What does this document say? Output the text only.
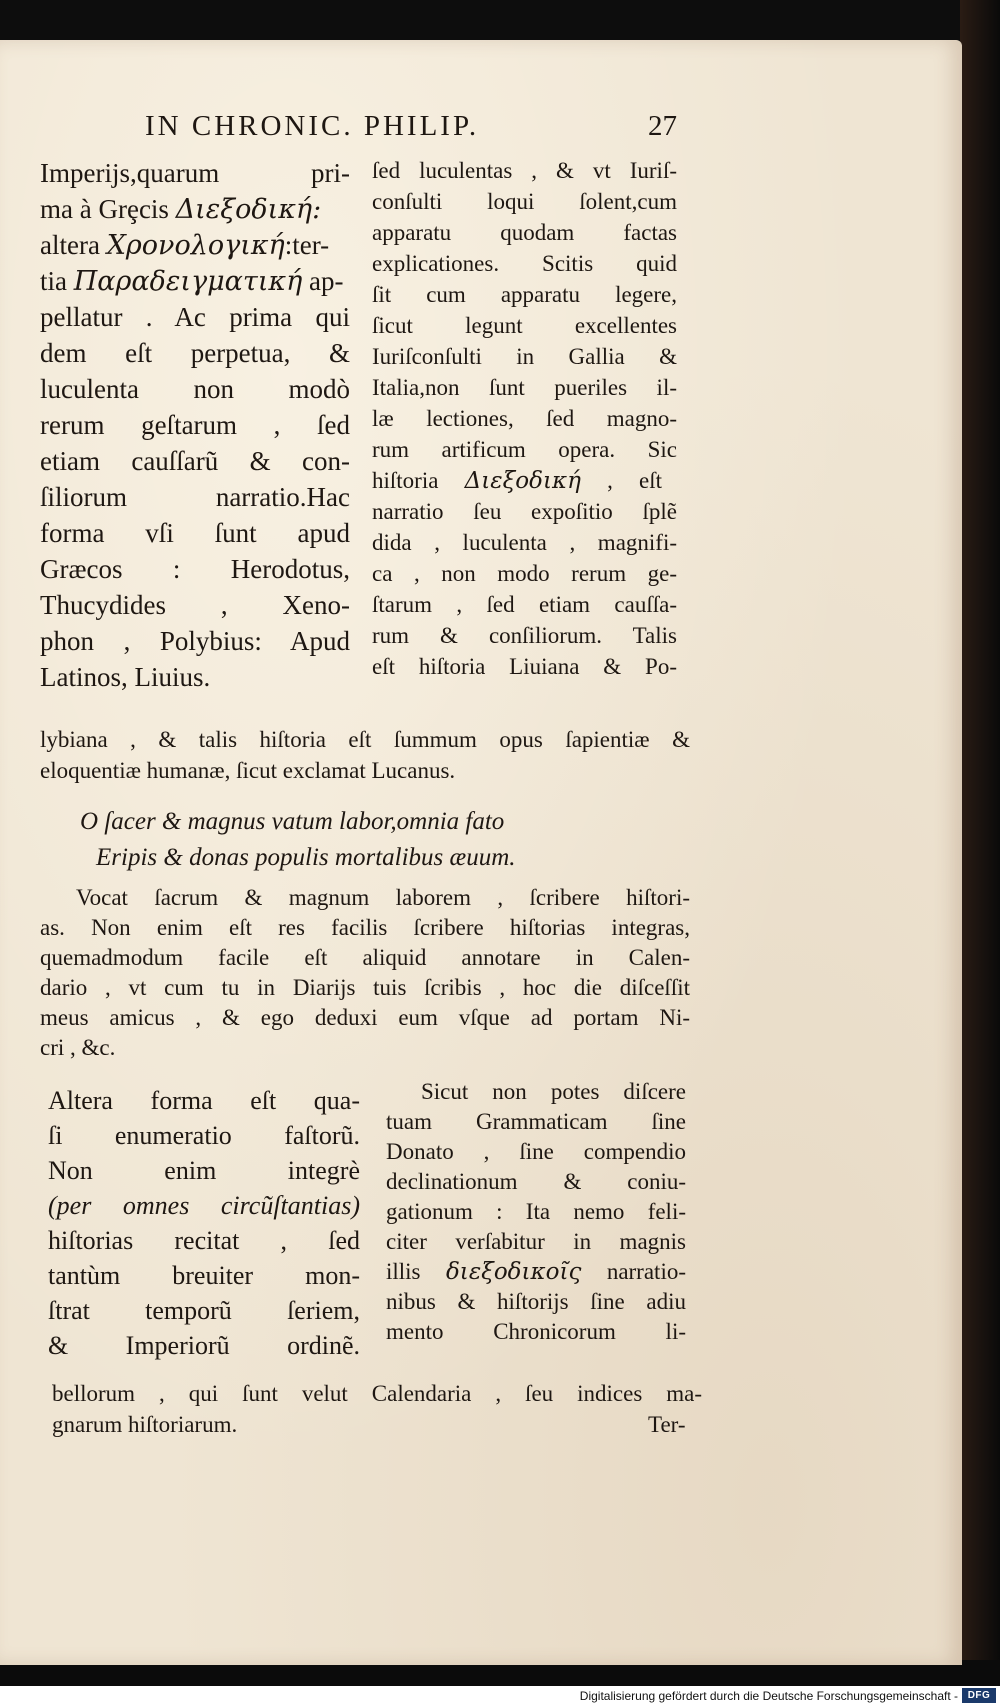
IN CHRONIC. PHILIP.	27
Imperijs,quarum pri-
ma à Grȩcis Διεξοδική:
altera Χρονολογική:ter-
tia Παραδειγματική ap-
pellatur . Ac prima qui
dem eſt perpetua, &
luculenta non modò
rerum geſtarum , ſed
etiam cauſſarũ & con-
ſiliorum narratio.Hac
forma vſi ſunt apud
Græcos : Herodotus,
Thucydides , Xeno-
phon , Polybius: Apud
Latinos, Liuius.
ſed luculentas , & vt Iuriſ-
conſulti loqui ſolent,cum
apparatu quodam factas
explicationes. Scitis quid
ſit cum apparatu legere,
ſicut legunt excellentes
Iuriſconſulti in Gallia &
Italia,non ſunt pueriles il-
læ lectiones, ſed magno-
rum artificum opera. Sic
hiſtoria Διεξοδική , eſt
narratio ſeu expoſitio ſplẽ
dida , luculenta , magnifi-
ca , non modo rerum ge-
ſtarum , ſed etiam cauſſa-
rum & conſiliorum. Talis
eſt hiſtoria Liuiana & Po-
lybiana , & talis hiſtoria eſt ſummum opus ſapientiæ &
eloquentiæ humanæ, ſicut exclamat Lucanus.
O ſacer & magnus vatum labor,omnia fato
Eripis & donas populis mortalibus æuum.
Vocat ſacrum & magnum laborem , ſcribere hiſtori-
as. Non enim eſt res facilis ſcribere hiſtorias integras,
quemadmodum facile eſt aliquid annotare in Calen-
dario , vt cum tu in Diarijs tuis ſcribis , hoc die diſceſſit
meus amicus , & ego deduxi eum vſque ad portam Ni-
cri , &c.
Altera forma eſt qua-
ſi enumeratio faſtorũ.
Non enim integrè
(per omnes circũſtantias)
hiſtorias recitat , ſed
tantùm breuiter mon-
ſtrat temporũ ſeriem,
& Imperiorũ ordinẽ.
Sicut non potes diſcere
tuam Grammaticam ſine
Donato , ſine compendio
declinationum & coniu-
gationum : Ita nemo feli-
citer verſabitur in magnis
illis διεξοδικοῖς narratio-
nibus & hiſtorijs ſine adiu
mento Chronicorum li-
bellorum , qui ſunt velut Calendaria , ſeu indices ma-
gnarum hiſtoriarum.	Ter-
Digitalisierung gefördert durch die Deutsche Forschungsgemeinschaft - DFG
